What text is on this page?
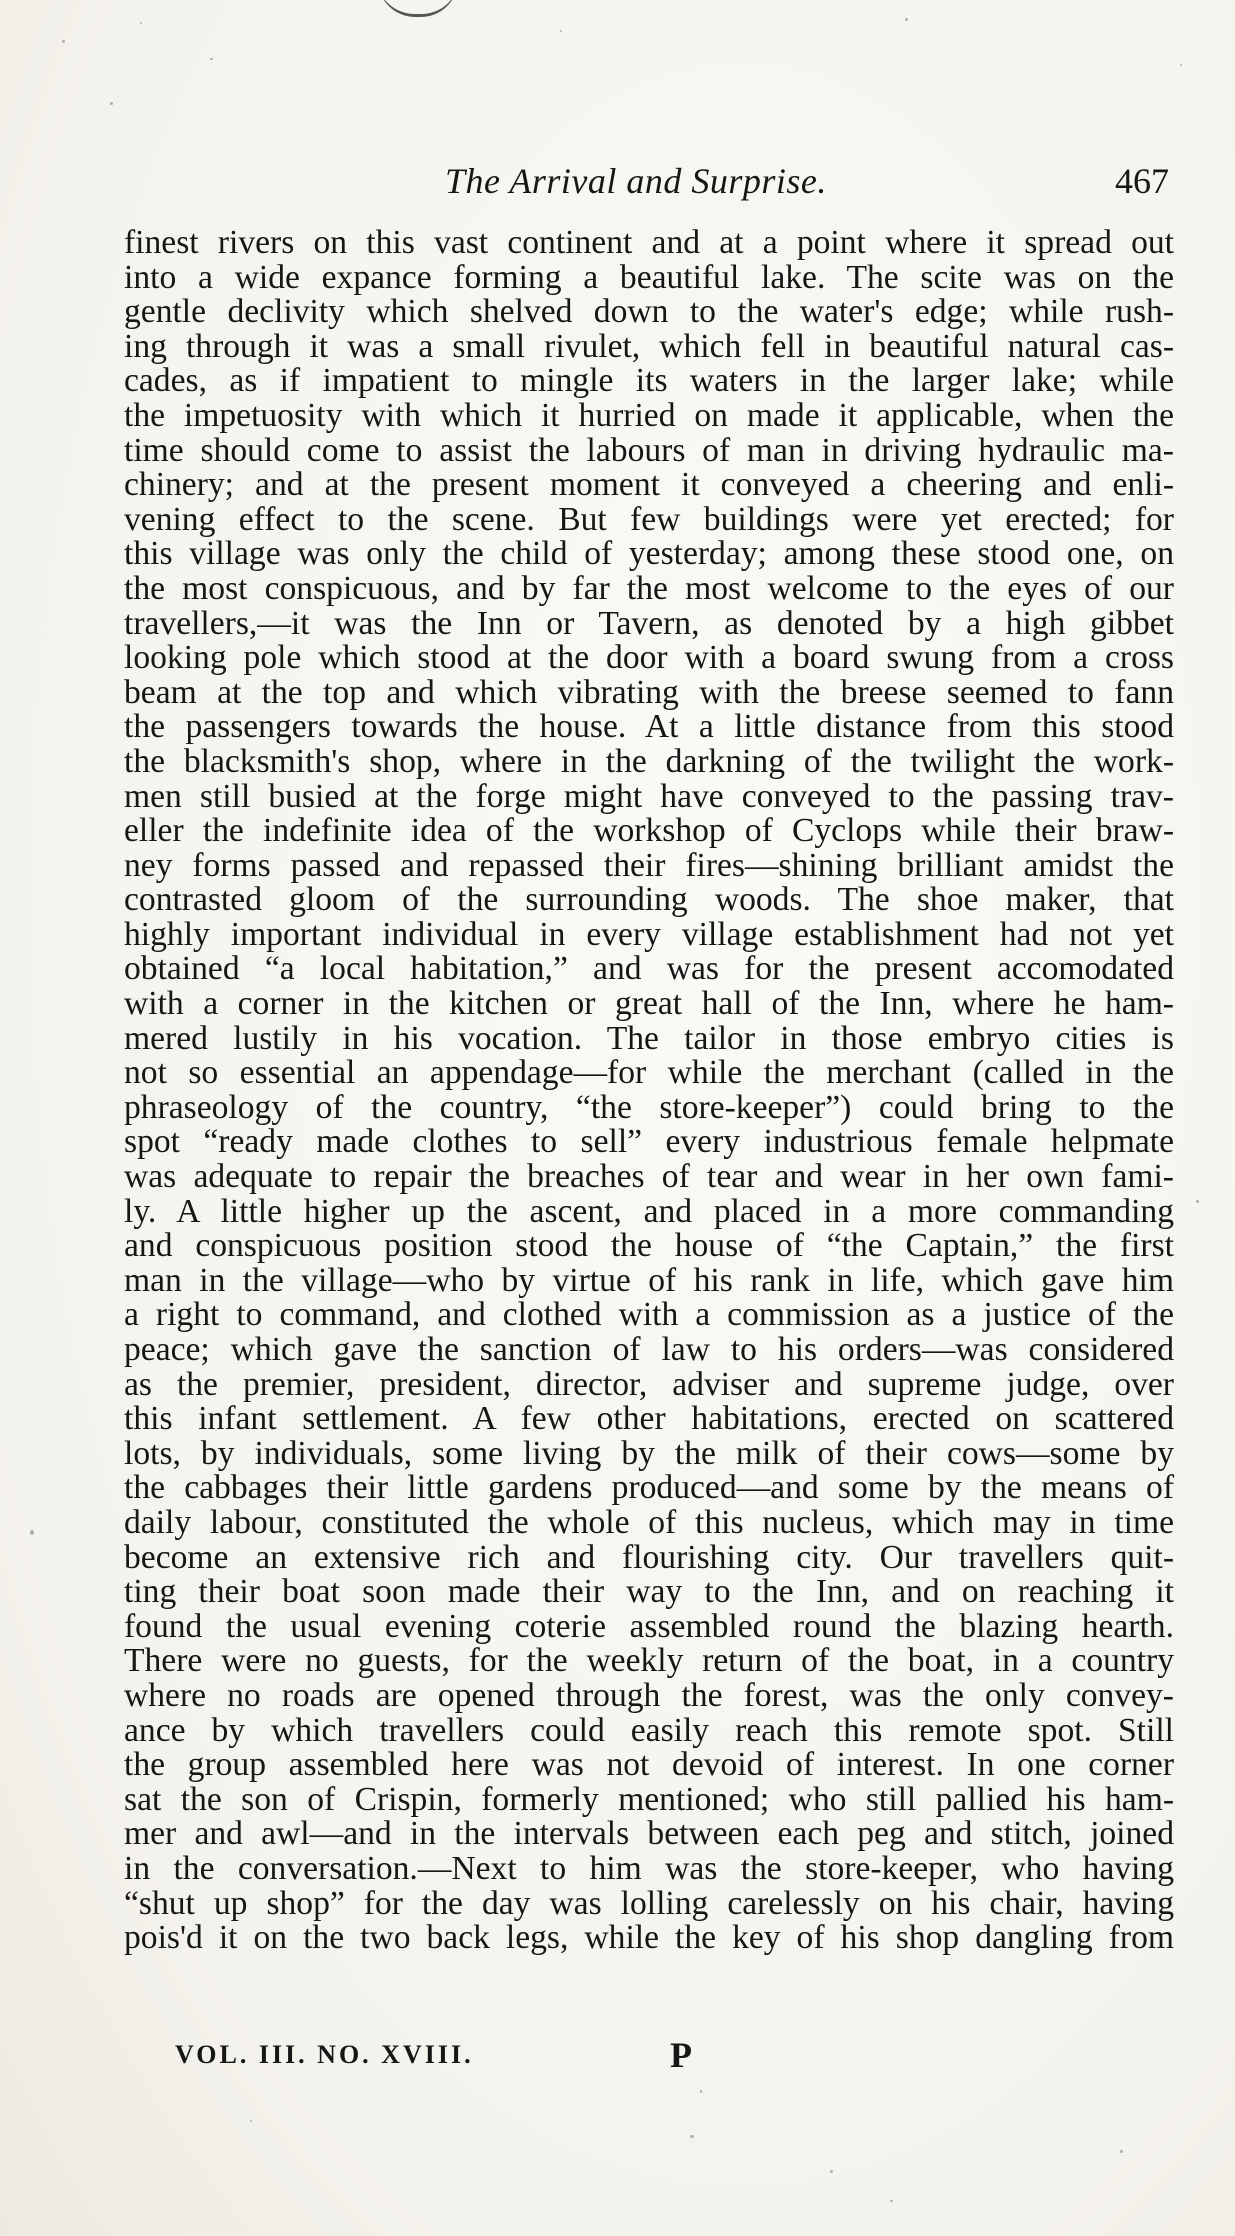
The Arrival and Surprise.	467
finest rivers on this vast continent and at a point where it spread out
into a wide expance forming a beautiful lake. The scite was on the
gentle declivity which shelved down to the water's edge; while rush-
ing through it was a small rivulet, which fell in beautiful natural cas-
cades, as if impatient to mingle its waters in the larger lake; while
the impetuosity with which it hurried on made it applicable, when the
time should come to assist the labours of man in driving hydraulic ma-
chinery; and at the present moment it conveyed a cheering and enli-
vening effect to the scene. But few buildings were yet erected; for
this village was only the child of yesterday; among these stood one, on
the most conspicuous, and by far the most welcome to the eyes of our
travellers,—it was the Inn or Tavern, as denoted by a high gibbet
looking pole which stood at the door with a board swung from a cross
beam at the top and which vibrating with the breese seemed to fann
the passengers towards the house. At a little distance from this stood
the blacksmith's shop, where in the darkning of the twilight the work-
men still busied at the forge might have conveyed to the passing trav-
eller the indefinite idea of the workshop of Cyclops while their braw-
ney forms passed and repassed their fires—shining brilliant amidst the
contrasted gloom of the surrounding woods. The shoe maker, that
highly important individual in every village establishment had not yet
obtained “a local habitation,” and was for the present accomodated
with a corner in the kitchen or great hall of the Inn, where he ham-
mered lustily in his vocation. The tailor in those embryo cities is
not so essential an appendage—for while the merchant (called in the
phraseology of the country, “the store-keeper”) could bring to the
spot “ready made clothes to sell” every industrious female helpmate
was adequate to repair the breaches of tear and wear in her own fami-
ly. A little higher up the ascent, and placed in a more commanding
and conspicuous position stood the house of “the Captain,” the first
man in the village—who by virtue of his rank in life, which gave him
a right to command, and clothed with a commission as a justice of the
peace; which gave the sanction of law to his orders—was considered
as the premier, president, director, adviser and supreme judge, over
this infant settlement. A few other habitations, erected on scattered
lots, by individuals, some living by the milk of their cows—some by
the cabbages their little gardens produced—and some by the means of
daily labour, constituted the whole of this nucleus, which may in time
become an extensive rich and flourishing city. Our travellers quit-
ting their boat soon made their way to the Inn, and on reaching it
found the usual evening coterie assembled round the blazing hearth.
There were no guests, for the weekly return of the boat, in a country
where no roads are opened through the forest, was the only convey-
ance by which travellers could easily reach this remote spot. Still
the group assembled here was not devoid of interest. In one corner
sat the son of Crispin, formerly mentioned; who still pallied his ham-
mer and awl—and in the intervals between each peg and stitch, joined
in the conversation.—Next to him was the store-keeper, who having
“shut up shop” for the day was lolling carelessly on his chair, having
pois'd it on the two back legs, while the key of his shop dangling from
VOL. III. NO. XVIII.	P
